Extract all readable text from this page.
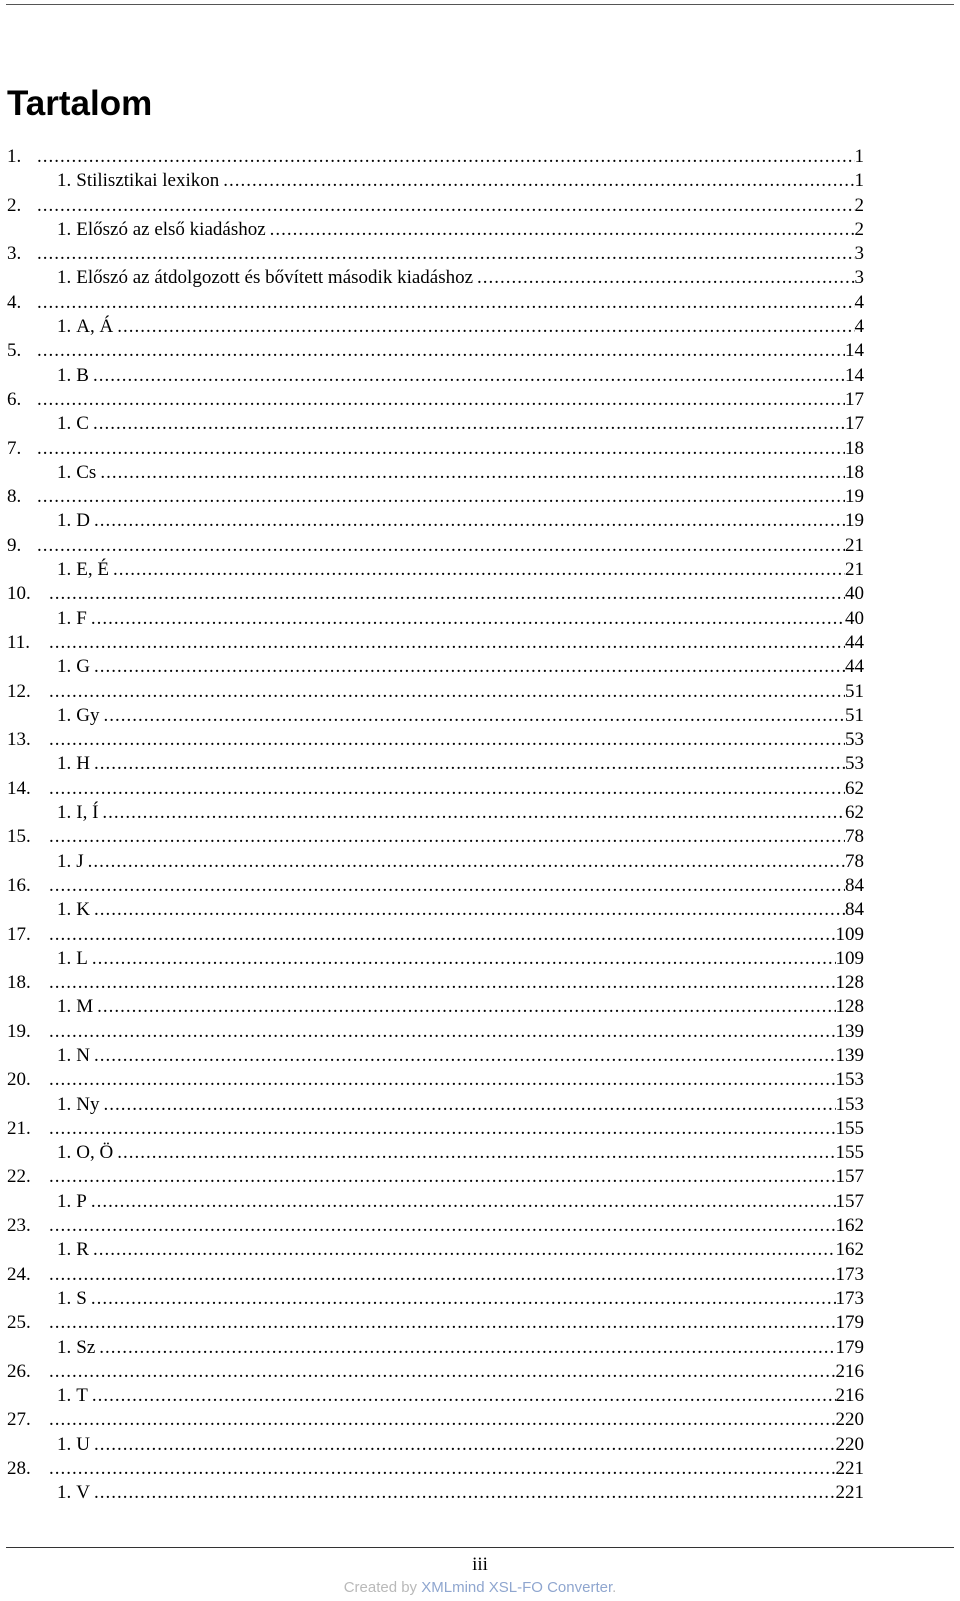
Tartalom
1. .....	1
1. Stilisztikai lexikon .....	1
2. .....	2
1. Előszó az első kiadáshoz .....	2
3. .....	3
1. Előszó az átdolgozott és bővített második kiadáshoz .....	3
4. .....	4
1. A, Á .....	4
5. .....	14
1. B .....	14
6. .....	17
1. C .....	17
7. .....	18
1. Cs .....	18
8. .....	19
1. D .....	19
9. .....	21
1. E, É .....	21
10. .....	40
1. F .....	40
11. .....	44
1. G .....	44
12. .....	51
1. Gy .....	51
13. .....	53
1. H .....	53
14. .....	62
1. I, Í .....	62
15. .....	78
1. J .....	78
16. .....	84
1. K .....	84
17. .....	109
1. L .....	109
18. .....	128
1. M .....	128
19. .....	139
1. N .....	139
20. .....	153
1. Ny .....	153
21. .....	155
1. O, Ö .....	155
22. .....	157
1. P .....	157
23. .....	162
1. R .....	162
24. .....	173
1. S .....	173
25. .....	179
1. Sz .....	179
26. .....	216
1. T .....	216
27. .....	220
1. U .....	220
28. .....	221
1. V .....	221
iii
Created by XMLmind XSL-FO Converter.
